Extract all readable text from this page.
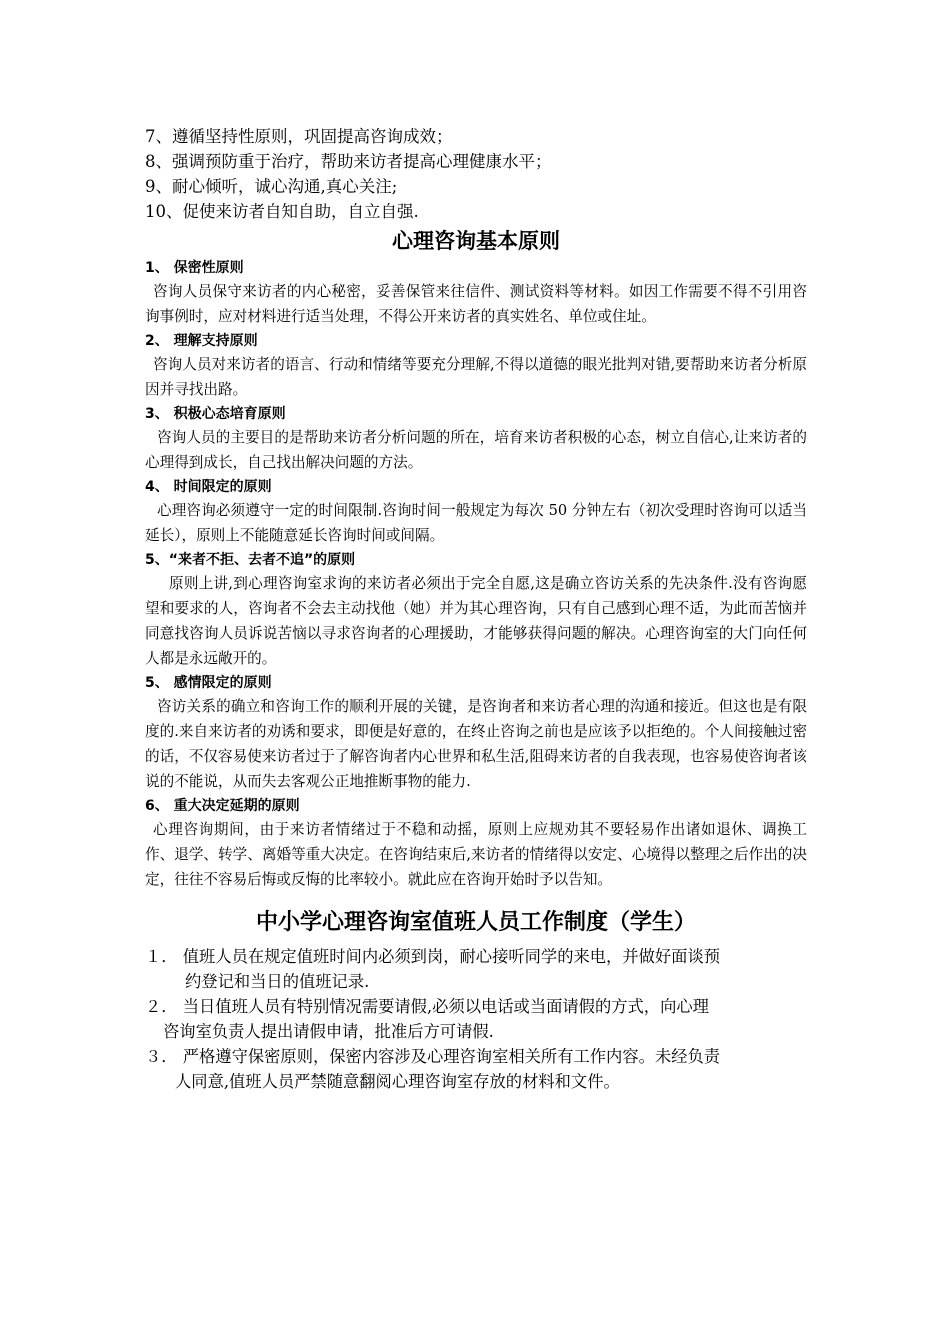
7、遵循坚持性原则，巩固提高咨询成效；
8、强调预防重于治疗，帮助来访者提高心理健康水平；
9、耐心倾听，诚心沟通,真心关注;
10、促使来访者自知自助，自立自强.
心理咨询基本原则
1、 保密性原则
咨询人员保守来访者的内心秘密，妥善保管来往信件、测试资料等材料。如因工作需要不得不引用咨询事例时，应对材料进行适当处理，不得公开来访者的真实姓名、单位或住址。
2、 理解支持原则
咨询人员对来访者的语言、行动和情绪等要充分理解,不得以道德的眼光批判对错,要帮助来访者分析原因并寻找出路。
3、 积极心态培育原则
咨询人员的主要目的是帮助来访者分析问题的所在，培育来访者积极的心态，树立自信心,让来访者的心理得到成长，自己找出解决问题的方法。
4、 时间限定的原则
心理咨询必须遵守一定的时间限制.咨询时间一般规定为每次 50 分钟左右（初次受理时咨询可以适当延长），原则上不能随意延长咨询时间或间隔。
5、“来者不拒、去者不追”的原则
原则上讲,到心理咨询室求询的来访者必须出于完全自愿,这是确立咨访关系的先决条件.没有咨询愿望和要求的人，咨询者不会去主动找他（她）并为其心理咨询，只有自己感到心理不适，为此而苦恼并同意找咨询人员诉说苦恼以寻求咨询者的心理援助，才能够获得问题的解决。心理咨询室的大门向任何人都是永远敞开的。
5、 感情限定的原则
咨访关系的确立和咨询工作的顺利开展的关键，是咨询者和来访者心理的沟通和接近。但这也是有限度的.来自来访者的劝诱和要求，即便是好意的，在终止咨询之前也是应该予以拒绝的。个人间接触过密的话，不仅容易使来访者过于了解咨询者内心世界和私生活,阻碍来访者的自我表现，也容易使咨询者该说的不能说，从而失去客观公正地推断事物的能力.
6、 重大决定延期的原则
心理咨询期间，由于来访者情绪过于不稳和动摇，原则上应规劝其不要轻易作出诸如退休、调换工作、退学、转学、离婚等重大决定。在咨询结束后,来访者的情绪得以安定、心境得以整理之后作出的决定，往往不容易后悔或反悔的比率较小。就此应在咨询开始时予以告知。
中小学心理咨询室值班人员工作制度（学生）
１． 值班人员在规定值班时间内必须到岗，耐心接听同学的来电，并做好面谈预
约登记和当日的值班记录.
２． 当日值班人员有特别情况需要请假,必须以电话或当面请假的方式，向心理
咨询室负责人提出请假申请，批准后方可请假.
３． 严格遵守保密原则，保密内容涉及心理咨询室相关所有工作内容。未经负责
人同意,值班人员严禁随意翻阅心理咨询室存放的材料和文件。
